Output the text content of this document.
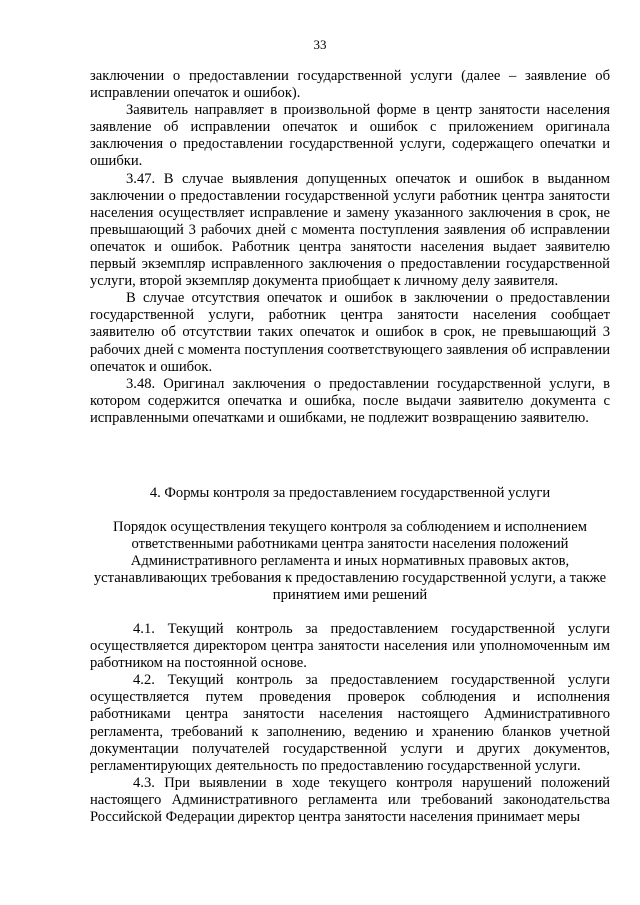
33

заключении о предоставлении государственной услуги (далее – заявление об исправлении опечаток и ошибок).

Заявитель направляет в произвольной форме в центр занятости населения заявление об исправлении опечаток и ошибок с приложением оригинала заключения о предоставлении государственной услуги, содержащего опечатки и ошибки.

3.47. В случае выявления допущенных опечаток и ошибок в выданном заключении о предоставлении государственной услуги работник центра занятости населения осуществляет исправление и замену указанного заключения в срок, не превышающий 3 рабочих дней с момента поступления заявления об исправлении опечаток и ошибок. Работник центра занятости населения выдает заявителю первый экземпляр исправленного заключения о предоставлении государственной услуги, второй экземпляр документа приобщает к личному делу заявителя.

В случае отсутствия опечаток и ошибок в заключении о предоставлении государственной услуги, работник центра занятости населения сообщает заявителю об отсутствии таких опечаток и ошибок в срок, не превышающий 3 рабочих дней с момента поступления соответствующего заявления об исправлении опечаток и ошибок.

3.48. Оригинал заключения о предоставлении государственной услуги, в котором содержится опечатка и ошибка, после выдачи заявителю документа с исправленными опечатками и ошибками, не подлежит возвращению заявителю.

4. Формы контроля за предоставлением государственной услуги
Порядок осуществления текущего контроля за соблюдением и исполнением ответственными работниками центра занятости населения положений Административного регламента и иных нормативных правовых актов, устанавливающих требования к предоставлению государственной услуги, а также принятием ими решений

4.1. Текущий контроль за предоставлением государственной услуги осуществляется директором центра занятости населения или уполномоченным им работником на постоянной основе.

4.2. Текущий контроль за предоставлением государственной услуги осуществляется путем проведения проверок соблюдения и исполнения работниками центра занятости населения настоящего Административного регламента, требований к заполнению, ведению и хранению бланков учетной документации получателей государственной услуги и других документов, регламентирующих деятельность по предоставлению государственной услуги.

4.3. При выявлении в ходе текущего контроля нарушений положений настоящего Административного регламента или требований законодательства Российской Федерации директор центра занятости населения принимает меры
